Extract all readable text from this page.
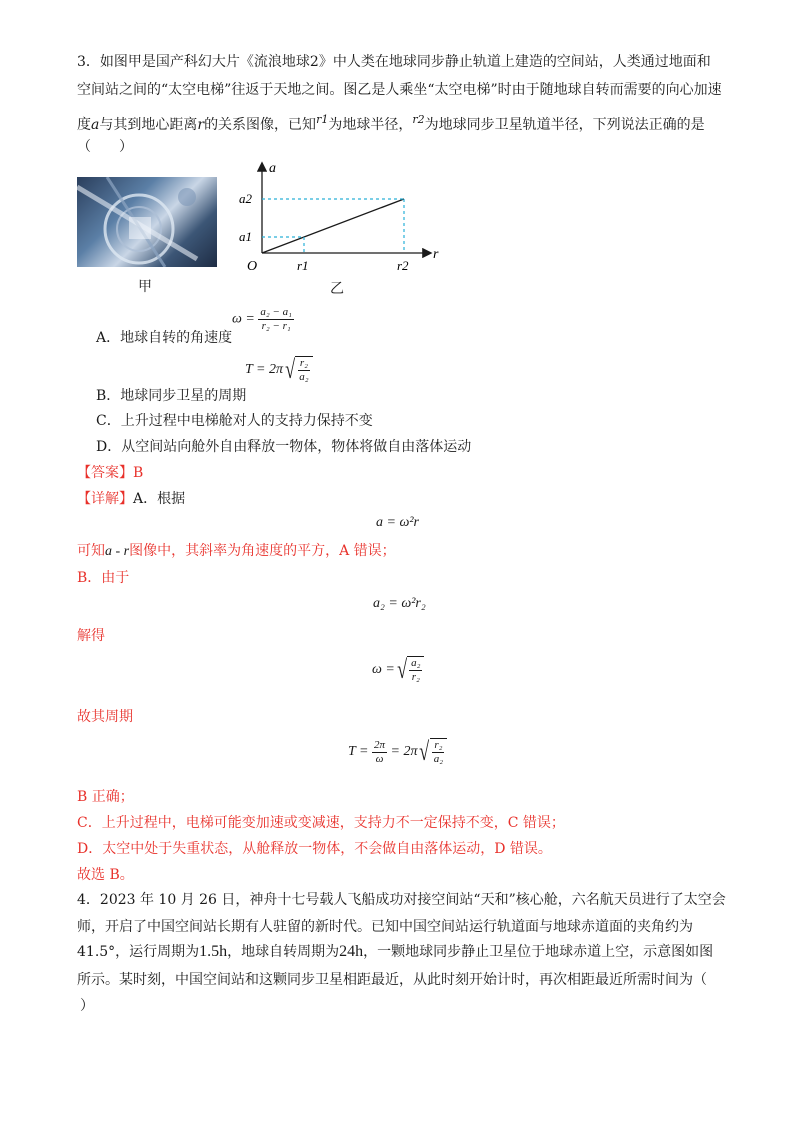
3．如图甲是国产科幻大片《流浪地球2》中人类在地球同步静止轨道上建造的空间站，人类通过地面和
空间站之间的“太空电梯”往返于天地之间。图乙是人乘坐“太空电梯”时由于随地球自转而需要的向心加速
度a与其到地心距离r的关系图像，已知$^{r1}$为地球半径，$^{r2}$为地球同步卫星轨道半径，下列说法正确的是
（　　）
甲
a
r
O
a2
a1
r1	r2
乙
$\omega = \frac{\text{a₂ − a₁}}{\text{r₂ − r₁}}$
A．地球自转的角速度
T = 2π √ $\frac{\text{r₂}}{\text{a₂}}$
B．地球同步卫星的周期
C．上升过程中电梯舱对人的支持力保持不变
D．从空间站向舱外自由释放一物体，物体将做自由落体运动
【答案】B
【详解】A．根据
a = ω²r
可知a - r图像中，其斜率为角速度的平方，A 错误；
B．由于
a₂ = ω²r₂
解得
ω = √ $\frac{\text{a₂}}{\text{r₂}}$
故其周期
$T = \frac{2\pi}{\omega} = 2\pi$ √ $\frac{\text{r₂}}{\text{a₂}}$
B 正确；
C．上升过程中，电梯可能变加速或变减速，支持力不一定保持不变，C 错误；
D．太空中处于失重状态，从舱释放一物体，不会做自由落体运动，D 错误。
故选 B。
4．2023 年 10 月 26 日，神舟十七号载人飞船成功对接空间站“天和”核心舱，六名航天员进行了太空会
师，开启了中国空间站长期有人驻留的新时代。已知中国空间站运行轨道面与地球赤道面的夹角约为
41.5°，运行周期为1.5h，地球自转周期为24h，一颗地球同步静止卫星位于地球赤道上空，示意图如图
所示。某时刻，中国空间站和这颗同步卫星相距最近，从此时刻开始计时，再次相距最近所需时间为（
）
